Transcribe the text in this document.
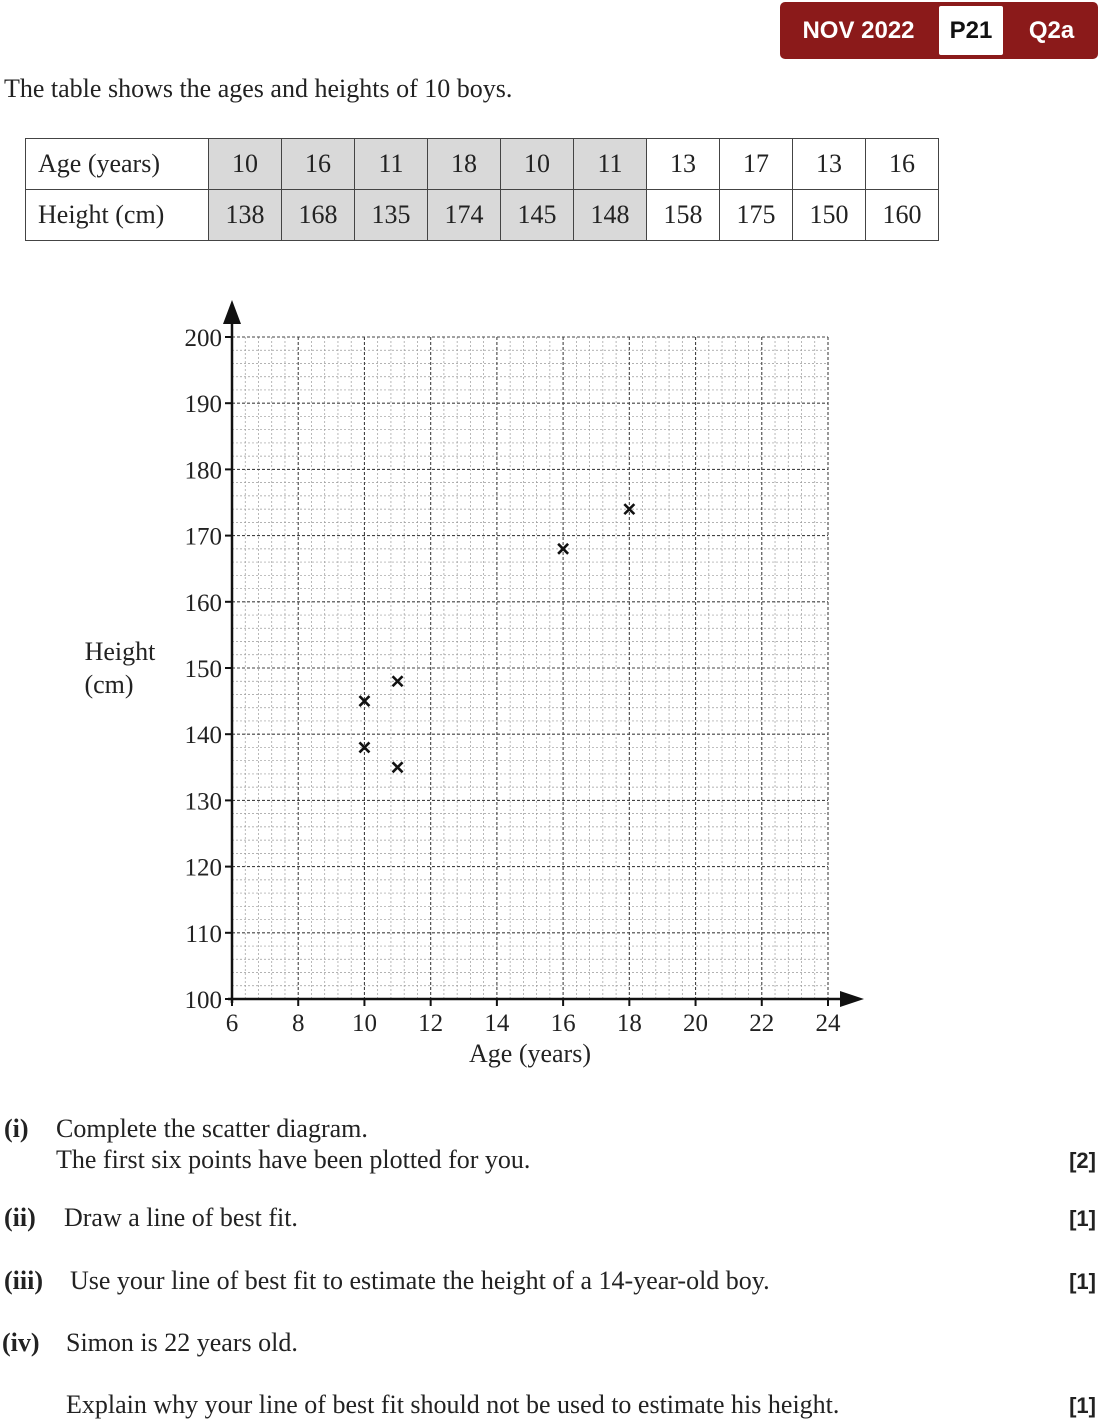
NOV 2022	P21	Q2a
The table shows the ages and heights of 10 boys.
Age (years)	10	16	11	18	10	11	13	17	13	16
Height (cm)	138	168	135	174	145	148	158	175	150	160
100
110
120
130
140
150
160
170
180
190
200
6 8 10 12 14 16 18 20 22 24
Age (years)
Height
(cm)
(i) Complete the scatter diagram.
The first six points have been plotted for you.	[2]
(ii) Draw a line of best fit.	[1]
(iii) Use your line of best fit to estimate the height of a 14-year-old boy.	[1]
(iv) Simon is 22 years old.
Explain why your line of best fit should not be used to estimate his height.	[1]
